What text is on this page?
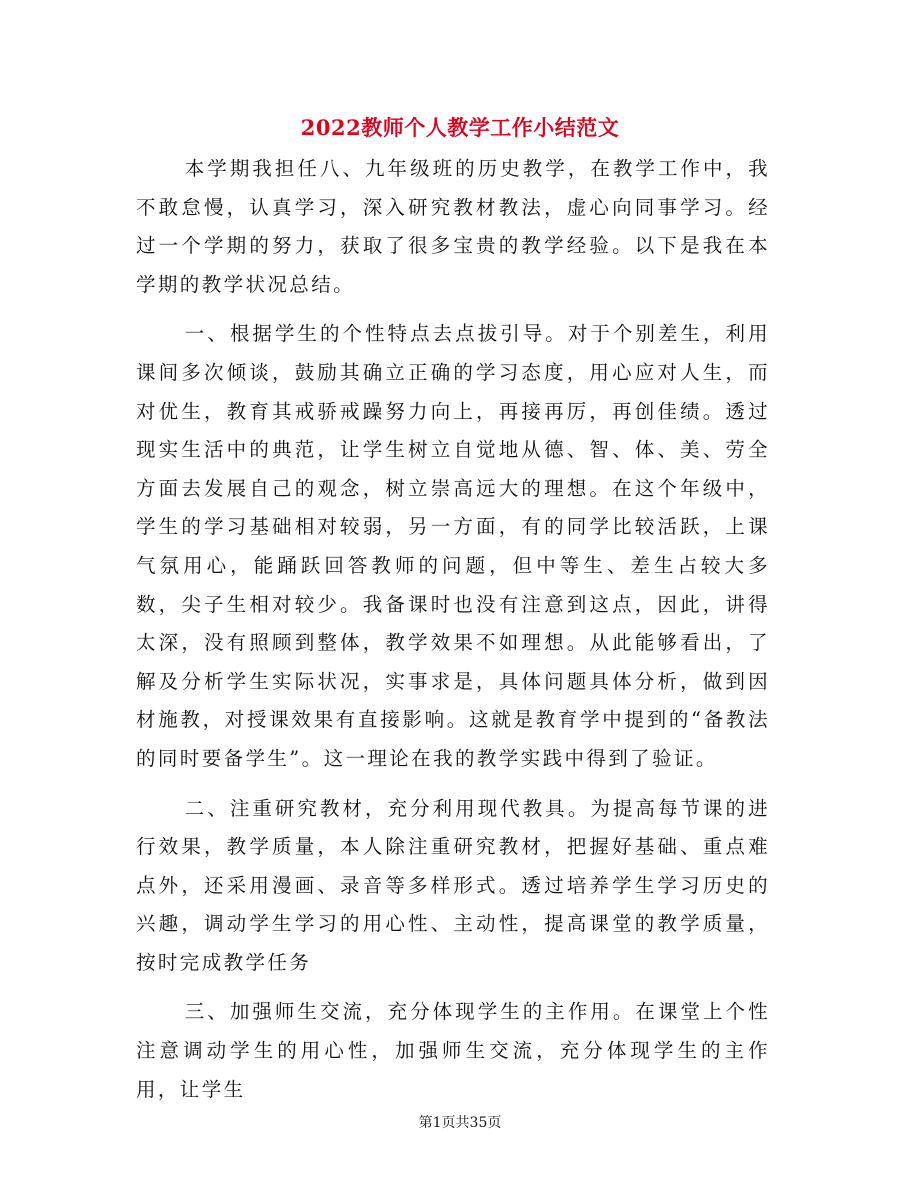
2022教师个人教学工作小结范文

本学期我担任八、九年级班的历史教学，在教学工作中，我不敢怠慢，认真学习，深入研究教材教法，虚心向同事学习。经过一个学期的努力，获取了很多宝贵的教学经验。以下是我在本学期的教学状况总结。

一、根据学生的个性特点去点拔引导。对于个别差生，利用课间多次倾谈，鼓励其确立正确的学习态度，用心应对人生，而对优生，教育其戒骄戒躁努力向上，再接再厉，再创佳绩。透过现实生活中的典范，让学生树立自觉地从德、智、体、美、劳全方面去发展自己的观念，树立崇高远大的理想。在这个年级中，学生的学习基础相对较弱，另一方面，有的同学比较活跃，上课气氛用心，能踊跃回答教师的问题，但中等生、差生占较大多数，尖子生相对较少。我备课时也没有注意到这点，因此，讲得太深，没有照顾到整体，教学效果不如理想。从此能够看出，了解及分析学生实际状况，实事求是，具体问题具体分析，做到因材施教，对授课效果有直接影响。这就是教育学中提到的“备教法的同时要备学生”。这一理论在我的教学实践中得到了验证。

二、注重研究教材，充分利用现代教具。为提高每节课的进行效果，教学质量，本人除注重研究教材，把握好基础、重点难点外，还采用漫画、录音等多样形式。透过培养学生学习历史的兴趣，调动学生学习的用心性、主动性，提高课堂的教学质量，按时完成教学任务

三、加强师生交流，充分体现学生的主作用。在课堂上个性注意调动学生的用心性，加强师生交流，充分体现学生的主作用，让学生

第1页共35页
